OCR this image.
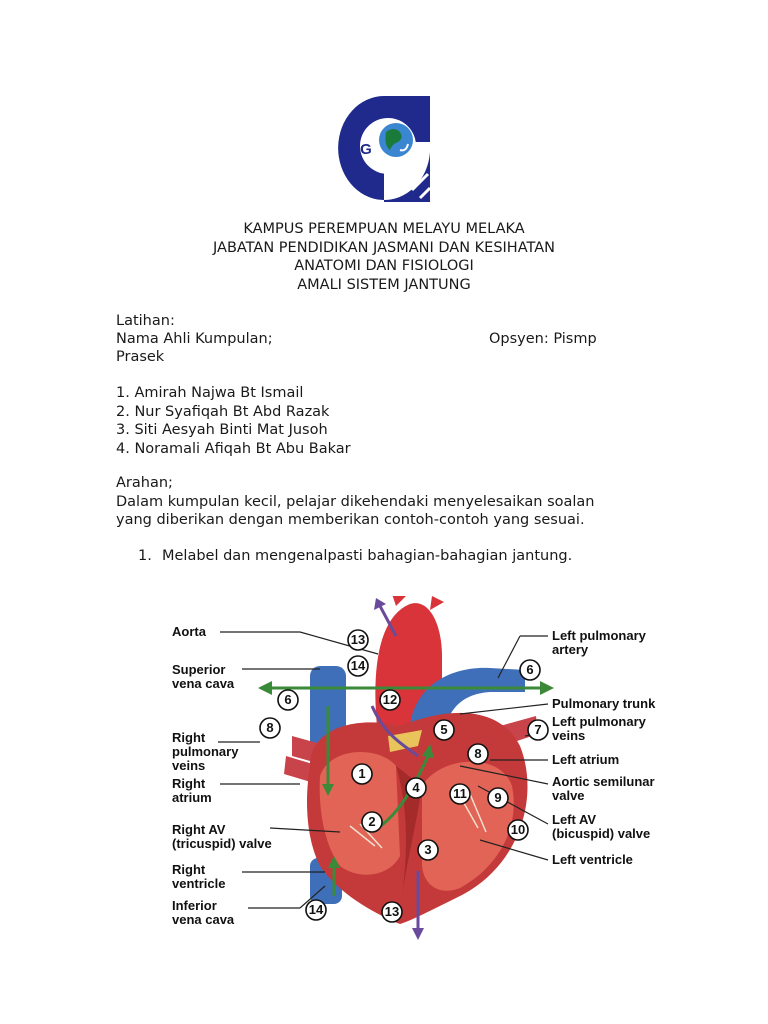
iPG
KAMPUS PEREMPUAN MELAYU MELAKA
JABATAN PENDIDIKAN JASMANI DAN KESIHATAN
ANATOMI DAN FISIOLOGI
AMALI SISTEM JANTUNG
Latihan:
Nama Ahli Kumpulan;	Opsyen: Pismp
Prasek
1. Amirah Najwa Bt Ismail
2. Nur Syafiqah Bt Abd Razak
3. Siti Aesyah Binti Mat Jusoh
4. Noramali Afiqah Bt Abu Bakar
Arahan;
Dalam kumpulan kecil, pelajar dikehendaki menyelesaikan soalan
yang diberikan dengan memberikan contoh-contoh yang sesuai.
1. Melabel dan mengenalpasti bahagian-bahagian jantung.
Aorta
Superior
vena cava
Right
pulmonary
veins
Right
atrium
Right AV
(tricuspid) valve
Right
ventricle
Inferior
vena cava
Left pulmonary
artery
Pulmonary trunk
Left pulmonary
veins
Left atrium
Aortic semilunar
valve
Left AV
(bicuspid) valve
Left ventricle
13
14
6
6
12
5	7
8
8
1
4	11 9
2
10
3
14	13
